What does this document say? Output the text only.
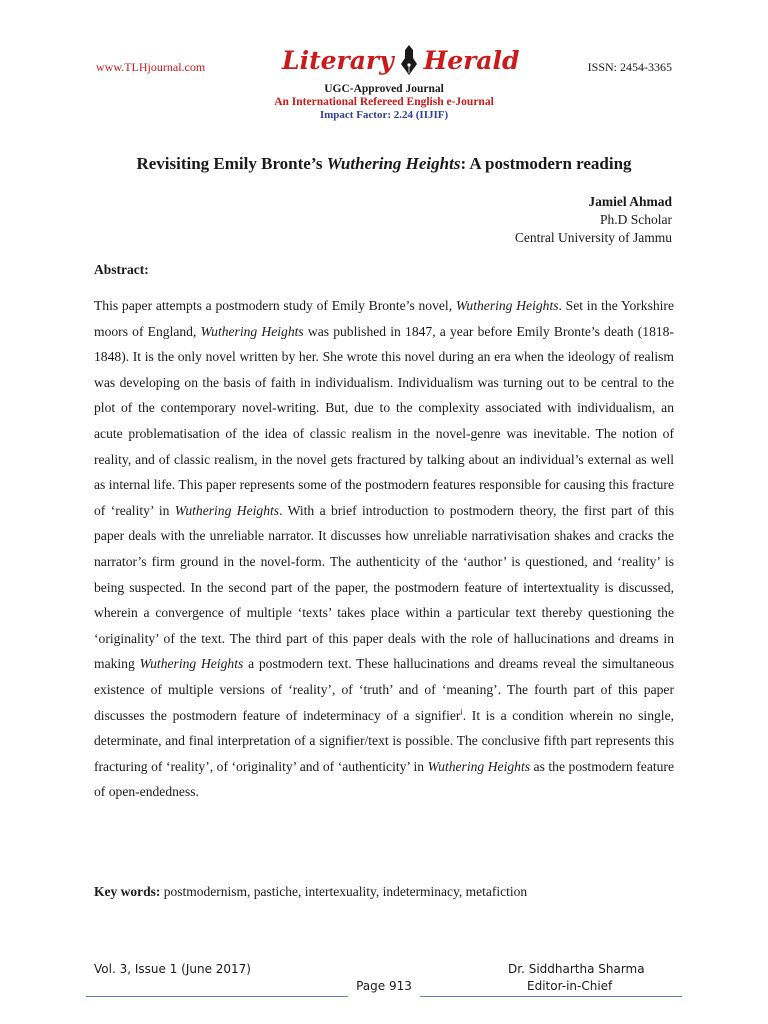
www.TLHjournal.com	Literary Herald	ISSN: 2454-3365
UGC-Approved Journal
An International Refereed English e-Journal
Impact Factor: 2.24 (IIJIF)
Revisiting Emily Bronte’s Wuthering Heights: A postmodern reading
Jamiel Ahmad
Ph.D Scholar
Central University of Jammu
Abstract:
This paper attempts a postmodern study of Emily Bronte’s novel, Wuthering Heights. Set in the Yorkshire moors of England, Wuthering Heights was published in 1847, a year before Emily Bronte’s death (1818-1848). It is the only novel written by her. She wrote this novel during an era when the ideology of realism was developing on the basis of faith in individualism. Individualism was turning out to be central to the plot of the contemporary novel-writing. But, due to the complexity associated with individualism, an acute problematisation of the idea of classic realism in the novel-genre was inevitable. The notion of reality, and of classic realism, in the novel gets fractured by talking about an individual’s external as well as internal life. This paper represents some of the postmodern features responsible for causing this fracture of ‘reality’ in Wuthering Heights. With a brief introduction to postmodern theory, the first part of this paper deals with the unreliable narrator. It discusses how unreliable narrativisation shakes and cracks the narrator’s firm ground in the novel-form. The authenticity of the ‘author’ is questioned, and ‘reality’ is being suspected. In the second part of the paper, the postmodern feature of intertextuality is discussed, wherein a convergence of multiple ‘texts’ takes place within a particular text thereby questioning the ‘originality’ of the text. The third part of this paper deals with the role of hallucinations and dreams in making Wuthering Heights a postmodern text. These hallucinations and dreams reveal the simultaneous existence of multiple versions of ‘reality’, of ‘truth’ and of ‘meaning’. The fourth part of this paper discusses the postmodern feature of indeterminacy of a signifier$^i$. It is a condition wherein no single, determinate, and final interpretation of a signifier/text is possible. The conclusive fifth part represents this fracturing of ‘reality’, of ‘originality’ and of ‘authenticity’ in Wuthering Heights as the postmodern feature of open-endedness.
Key words: postmodernism, pastiche, intertexuality, indeterminacy, metafiction
Vol. 3, Issue 1 (June 2017)
Page 913
Dr. Siddhartha Sharma
Editor-in-Chief
